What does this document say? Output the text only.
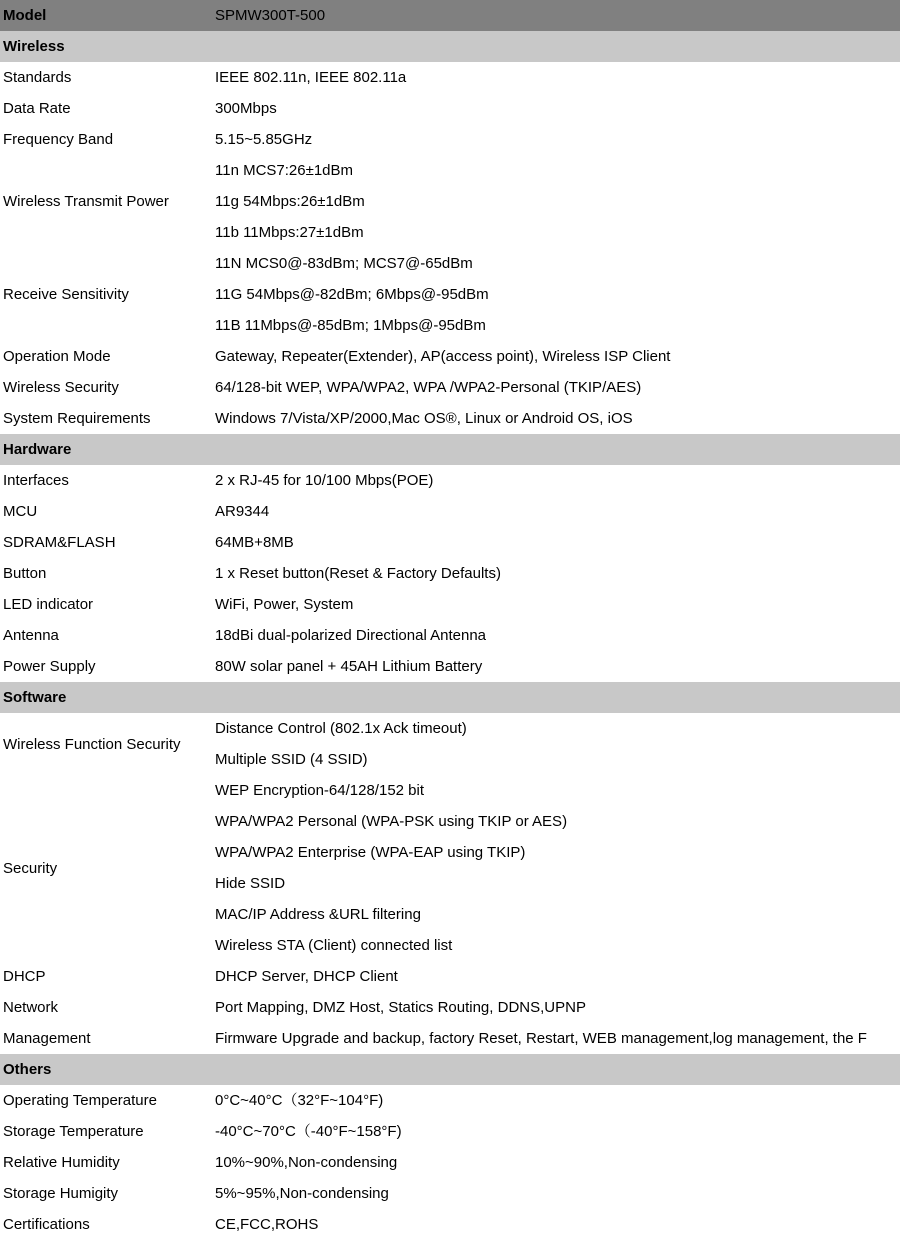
Model	SPMW300T-500
Wireless	
Standards	IEEE 802.11n, IEEE 802.11a
Data Rate	300Mbps
Frequency Band	5.15~5.85GHz
Wireless Transmit Power	11n MCS7:26±1dBm
	11g 54Mbps:26±1dBm
	11b 11Mbps:27±1dBm
Receive Sensitivity	11N MCS0@-83dBm; MCS7@-65dBm
	11G 54Mbps@-82dBm; 6Mbps@-95dBm
	11B 11Mbps@-85dBm; 1Mbps@-95dBm
Operation Mode	Gateway, Repeater(Extender), AP(access point), Wireless ISP Client
Wireless Security	64/128-bit WEP, WPA/WPA2, WPA /WPA2-Personal (TKIP/AES)
System Requirements	Windows 7/Vista/XP/2000,Mac OS®, Linux or Android OS, iOS
Hardware	
Interfaces	2 x RJ-45 for 10/100 Mbps(POE)
MCU	AR9344
SDRAM&FLASH	64MB+8MB
Button	1 x Reset button(Reset & Factory Defaults)
LED indicator	WiFi, Power, System
Antenna	18dBi dual-polarized Directional Antenna
Power Supply	80W solar panel + 45AH Lithium Battery
Software	
Wireless Function Security	Distance Control (802.1x Ack timeout)
	Multiple SSID (4 SSID)
Security	WEP Encryption-64/128/152 bit
	WPA/WPA2 Personal (WPA-PSK using TKIP or AES)
	WPA/WPA2 Enterprise (WPA-EAP using TKIP)
	Hide SSID
	MAC/IP Address &URL filtering
	Wireless STA (Client) connected list
DHCP	DHCP Server, DHCP Client
Network	Port Mapping, DMZ Host, Statics Routing, DDNS,UPNP
Management	Firmware Upgrade and backup, factory Reset, Restart, WEB management,log management, the F
Others	
Operating Temperature	0°C~40°C（32°F~104°F)
Storage Temperature	-40°C~70°C（-40°F~158°F)
Relative Humidity	10%~90%,Non-condensing
Storage Humigity	5%~95%,Non-condensing
Certifications	CE,FCC,ROHS
